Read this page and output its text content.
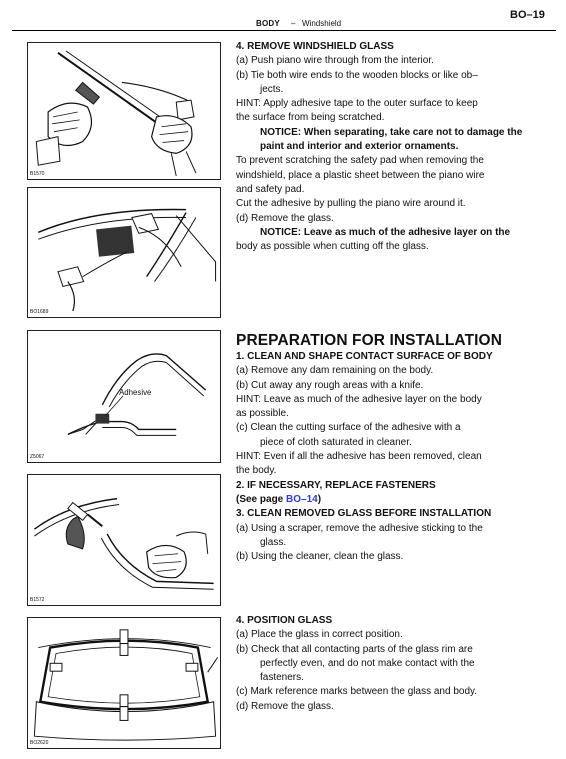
BODY – Windshield
BO–19
B1570
BO1689
Adhesive
Z5067
B1572
BO2620

4. REMOVE WINDSHIELD GLASS

(a) Push piano wire through from the interior.

(b) Tie both wire ends to the wooden blocks or like ob–

jects.

HINT: Apply adhesive tape to the outer surface to keep

the surface from being scratched.

NOTICE: When separating, take care not to damage the

paint and interior and exterior ornaments.

To prevent scratching the safety pad when removing the

windshield, place a plastic sheet between the piano wire

and safety pad.

Cut the adhesive by pulling the piano wire around it.

(d) Remove the glass.

NOTICE: Leave as much of the adhesive layer on the

body as possible when cutting off the glass.

PREPARATION FOR INSTALLATION

1. CLEAN AND SHAPE CONTACT SURFACE OF BODY

(a) Remove any dam remaining on the body.

(b) Cut away any rough areas with a knife.

HINT: Leave as much of the adhesive layer on the body

as possible.

(c) Clean the cutting surface of the adhesive with a

piece of cloth saturated in cleaner.

HINT: Even if all the adhesive has been removed, clean

the body.

2. IF NECESSARY, REPLACE FASTENERS

(See page BO–14)

3. CLEAN REMOVED GLASS BEFORE INSTALLATION

(a) Using a scraper, remove the adhesive sticking to the

glass.

(b) Using the cleaner, clean the glass.

4. POSITION GLASS

(a) Place the glass in correct position.

(b) Check that all contacting parts of the glass rim are

perfectly even, and do not make contact with the

fasteners.

(c) Mark reference marks between the glass and body.

(d) Remove the glass.
